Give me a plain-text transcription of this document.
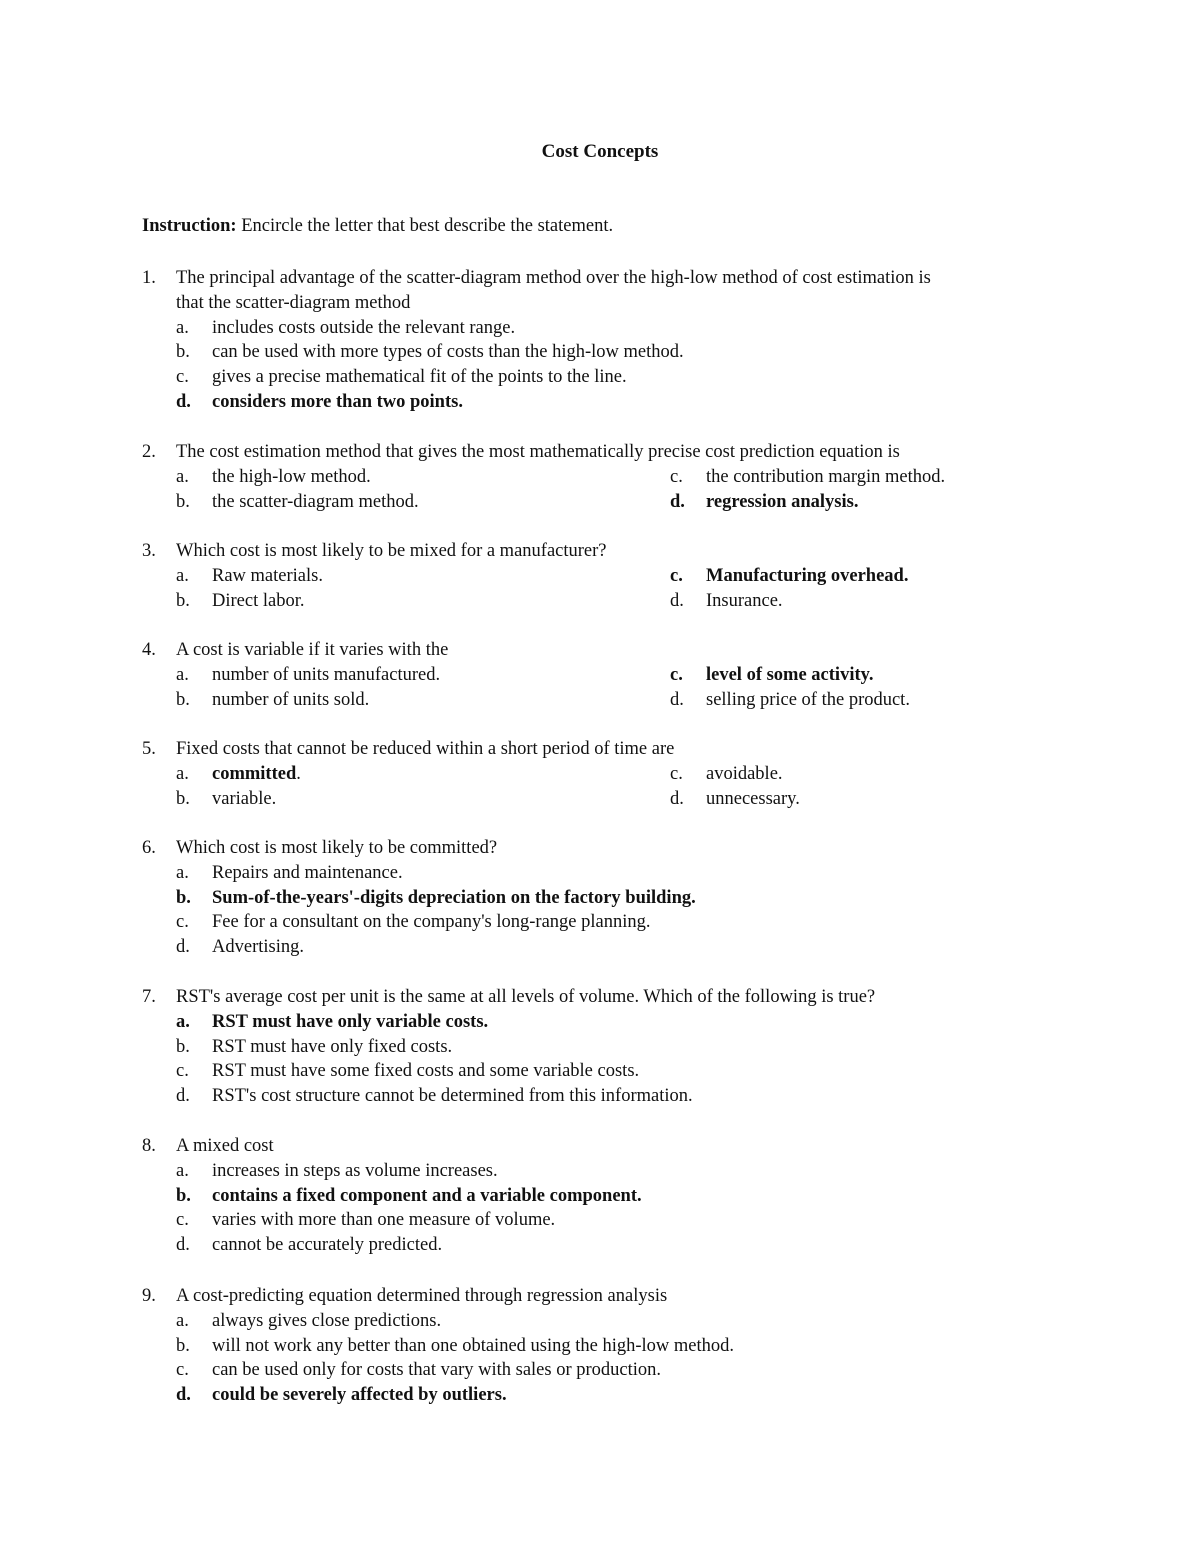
Cost Concepts
Instruction: Encircle the letter that best describe the statement.
1.	The principal advantage of the scatter-diagram method over the high-low method of cost estimation is
that the scatter-diagram method
a.	includes costs outside the relevant range.
b.	can be used with more types of costs than the high-low method.
c.	gives a precise mathematical fit of the points to the line.
d.	considers more than two points.
2.	The cost estimation method that gives the most mathematically precise cost prediction equation is
a.	the high-low method.	c.	the contribution margin method.
b.	the scatter-diagram method.	d.	regression analysis.
3.	Which cost is most likely to be mixed for a manufacturer?
a.	Raw materials.	c.	Manufacturing overhead.
b.	Direct labor.	d.	Insurance.
4.	A cost is variable if it varies with the
a.	number of units manufactured.	c.	level of some activity.
b.	number of units sold.	d.	selling price of the product.
5.	Fixed costs that cannot be reduced within a short period of time are
a.	committed.	c.	avoidable.
b.	variable.	d.	unnecessary.
6.	Which cost is most likely to be committed?
a.	Repairs and maintenance.
b.	Sum-of-the-years'-digits depreciation on the factory building.
c.	Fee for a consultant on the company's long-range planning.
d.	Advertising.
7.	RST's average cost per unit is the same at all levels of volume. Which of the following is true?
a.	RST must have only variable costs.
b.	RST must have only fixed costs.
c.	RST must have some fixed costs and some variable costs.
d.	RST's cost structure cannot be determined from this information.
8.	A mixed cost
a.	increases in steps as volume increases.
b.	contains a fixed component and a variable component.
c.	varies with more than one measure of volume.
d.	cannot be accurately predicted.
9.	A cost-predicting equation determined through regression analysis
a.	always gives close predictions.
b.	will not work any better than one obtained using the high-low method.
c.	can be used only for costs that vary with sales or production.
d.	could be severely affected by outliers.
